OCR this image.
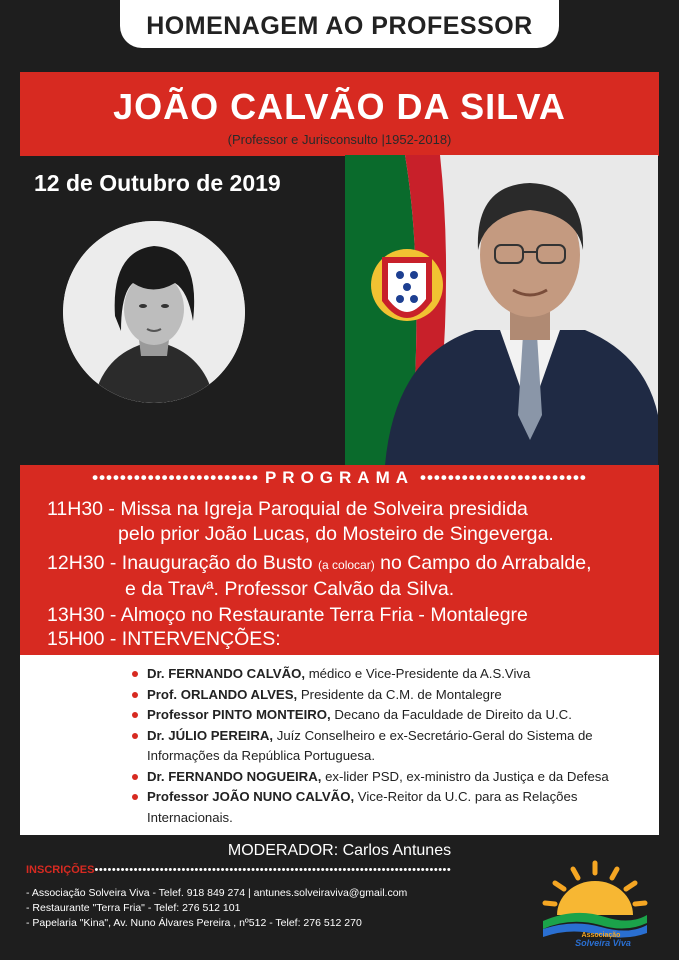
HOMENAGEM AO PROFESSOR
JOÃO CALVÃO DA SILVA
(Professor e Jurisconsulto |1952-2018)
12 de Outubro de 2019
•••••••••••••••••••••••• PROGRAMA ••••••••••••••••••••••••
11H30 - Missa na Igreja Paroquial de Solveira presidida
pelo prior João Lucas, do Mosteiro de Singeverga.
12H30 - Inauguração do Busto (a colocar) no Campo do Arrabalde,
e da Travª. Professor Calvão da Silva.
13H30 - Almoço no Restaurante Terra Fria - Montalegre
15H00 - INTERVENÇÕES:
Dr. FERNANDO CALVÃO, médico e Vice-Presidente da A.S.Viva
Prof. ORLANDO ALVES, Presidente da C.M. de Montalegre
Professor PINTO MONTEIRO, Decano da Faculdade de Direito da U.C.
Dr. JÚLIO PEREIRA, Juíz Conselheiro e ex-Secretário-Geral do Sistema de Informações da República Portuguesa.
Dr. FERNANDO NOGUEIRA, ex-lider PSD, ex-ministro da Justiça e da Defesa
Professor JOÃO NUNO CALVÃO, Vice-Reitor da U.C. para as Relações Internacionais.
MODERADOR: Carlos Antunes
INSCRIÇÕES••••••••••••••••••••••••••••••••••••••••••••••••••••••••••••••••••••••••••••••••••
- Associação Solveira Viva - Telef. 918 849 274 | antunes.solveiraviva@gmail.com
- Restaurante "Terra Fria" - Telef: 276 512 101
- Papelaria "Kina", Av. Nuno Álvares Pereira , nº512 - Telef: 276 512 270
Associação
Solveira Viva
